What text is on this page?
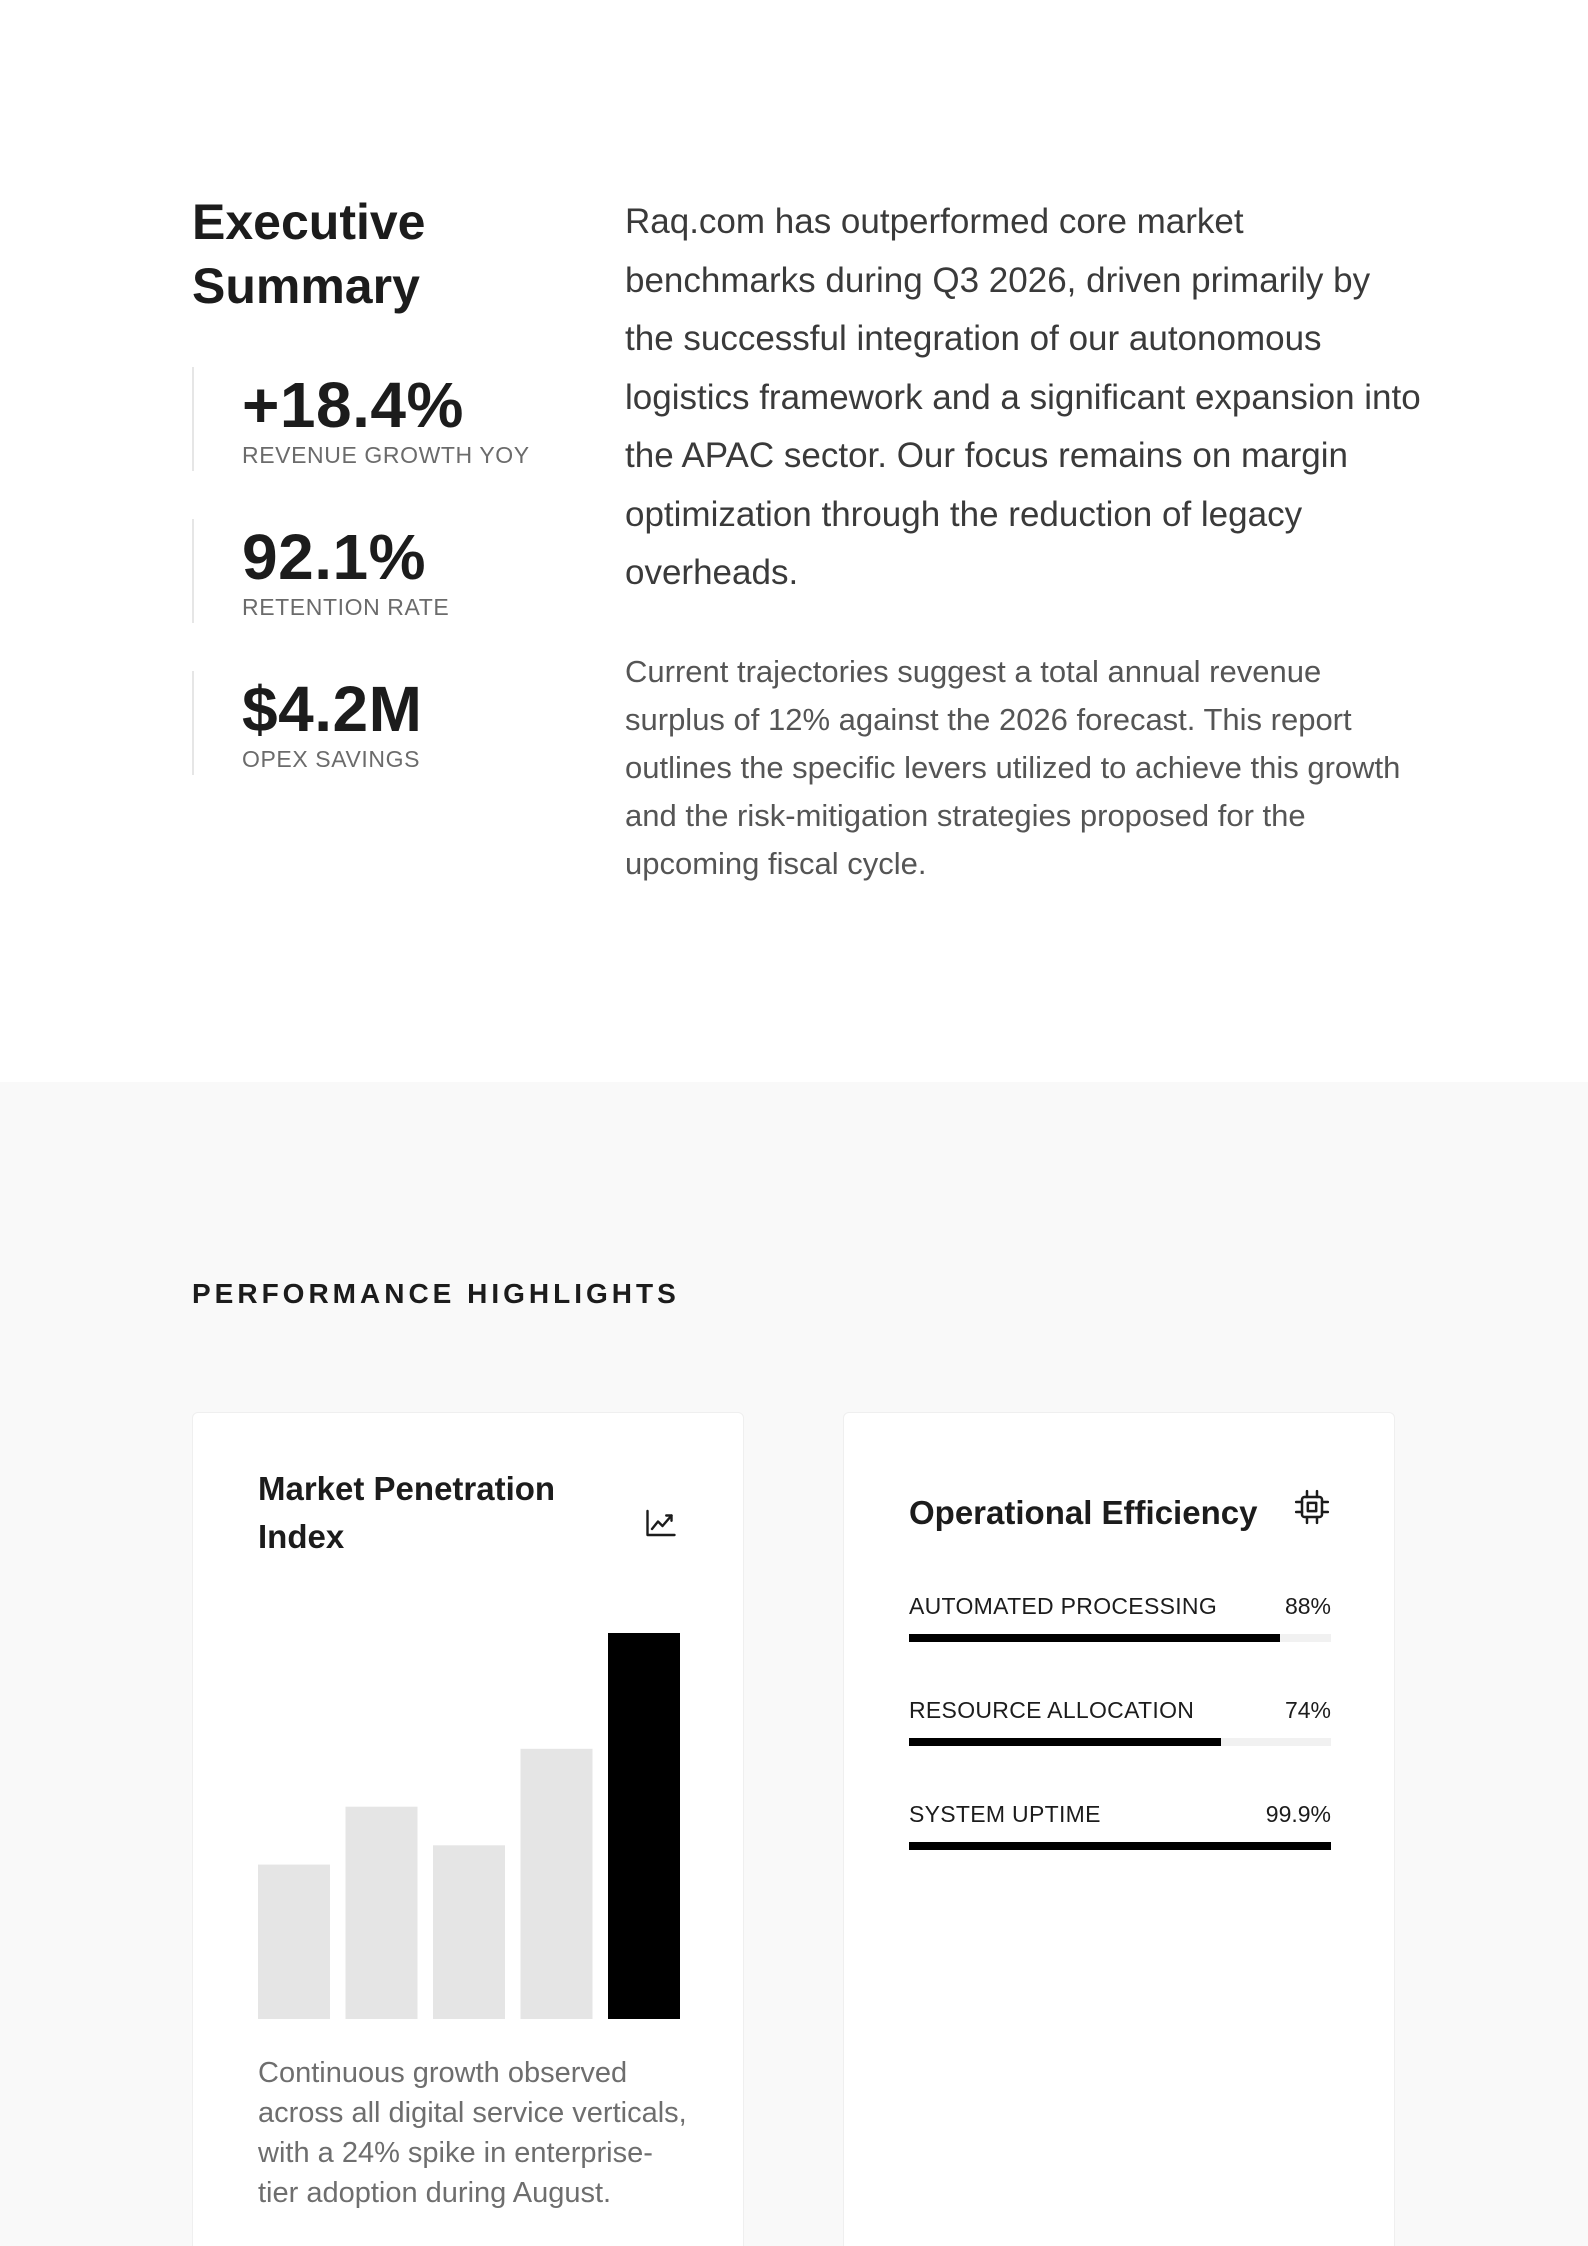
Executive Summary
+18.4%
REVENUE GROWTH YOY
92.1%
RETENTION RATE
$4.2M
OPEX SAVINGS

Raq.com has outperformed core market benchmarks during Q3 2026, driven primarily by the successful integration of our autonomous logistics framework and a significant expansion into the APAC sector. Our focus remains on margin optimization through the reduction of legacy overheads.

Current trajectories suggest a total annual revenue surplus of 12% against the 2026 forecast. This report outlines the specific levers utilized to achieve this growth and the risk-mitigation strategies proposed for the upcoming fiscal cycle.

PERFORMANCE HIGHLIGHTS
Market Penetration Index

Continuous growth observed across all digital service verticals, with a 24% spike in enterprise-tier adoption during August.

Operational Efficiency
AUTOMATED PROCESSING	88%
RESOURCE ALLOCATION	74%
SYSTEM UPTIME	99.9%
